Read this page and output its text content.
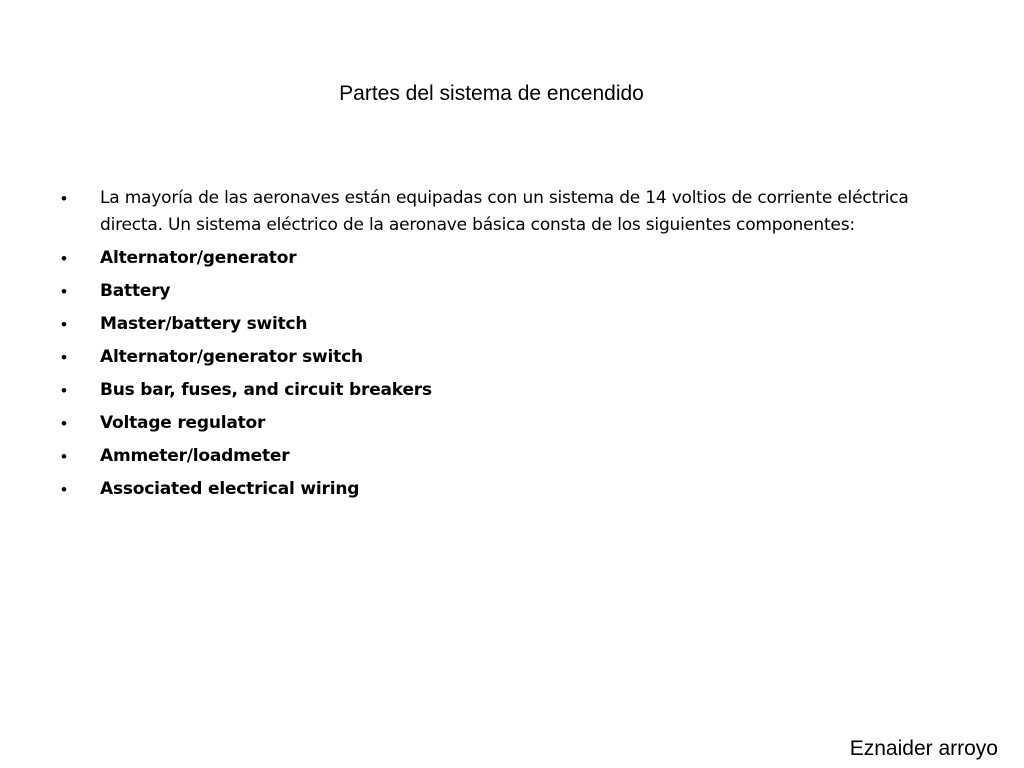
Partes del sistema de encendido
• La mayoría de las aeronaves están equipadas con un sistema de 14 voltios de corriente eléctrica directa. Un sistema eléctrico de la aeronave básica consta de los siguientes componentes:
• Alternator/generator
• Battery
• Master/battery switch
• Alternator/generator switch
• Bus bar, fuses, and circuit breakers
• Voltage regulator
• Ammeter/loadmeter
• Associated electrical wiring
Eznaider arroyo
